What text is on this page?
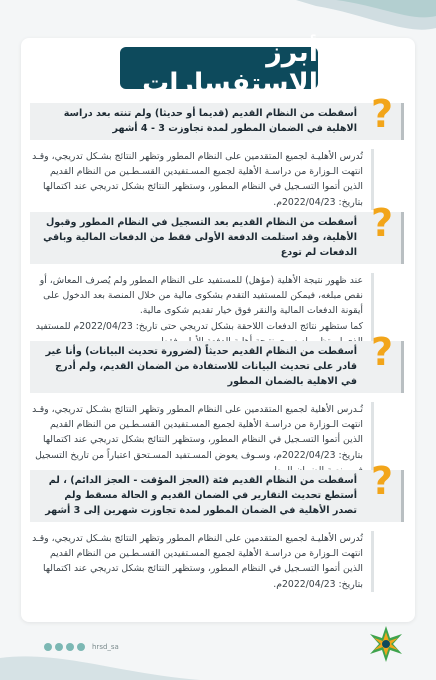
أبرز الاستفسارات
?
أسقطت من النظام القديم (قديما أو حديثا) ولم تنته بعد دراسة الاهلية في الضمان المطور لمدة تجاوزت 3 - 4 أشهر

تُدرس الأهليـة لجميع المتقدمين على النظام المطور وتظهر النتائج بشـكل تدريجي، وقـد انتهت الـوزارة من دراسـة الأهلية لجميع المسـتفيدين القسـطـين من النظام القديم الذين أتموا التسـجيل في النظام المطور، وستظهر النتائج بشكل تدريجي عند اكتمالها بتاريخ: 2022/04/23م. ?
أسقطت من النظام القديم بعد التسجيل في النظام المطور وقبول الأهلية، وقد استلمت الدفعة الأولى فقط من الدفعات المالية وباقي الدفعات لم تودع

عند ظهور نتيجة الأهلية (مؤهل) للمستفيد على النظام المطور ولم يُصرف المعاش، أو نقص مبلغه، فيمكن للمستفيد التقدم بشكوى مالية من خلال المنصة بعد الدخول على أيقونة الدفعات المالية والنقر فوق خيار تقديم شكوى مالية.

كما ستظهر نتائج الدفعات اللاحقة بشكل تدريجي حتى تاريخ: 2022/04/23م للمستفيد

?
أسقطت من النظام القديم حديثاً (لضرورة تحديث البيانات) وأنا غير قادر على تحديث البيانات للاستفادة من الضمان القديم، ولم أدرج في الاهلية بالضمان المطور

تُـدرس الأهلية لجميع المتقدمين على النظام المطور وتظهر النتائج بشـكل تدريجي، وقـد انتهت الـوزارة من دراسـة الأهلية لجميع المسـتفيدين القسـطـين من النظام القديم الذين أتموا التسـجيل في النظام المطور، وستظهر النتائج بشكل تدريجي عند اكتمالها بتاريخ: 2022/04/23م، وسـوف يعوض المسـتفيد المسـتحق اعتباراً من تاريخ التسجيل

?
أسقطت من النظام القديم فئة (العجز المؤقت - العجز الدائم) ، لم أستطع تحديث التقارير في الضمان القديم و الحالة مسقط ولم تصدر الأهلية في الضمان المطور لمدة تجاوزت شهرين إلى 3 أشهر

تُدرس الأهليـة لجميع المتقدمين على النظام المطور وتظهر النتائج بشـكل تدريجي، وقـد انتهت الـوزارة من دراسـة الأهلية لجميع المسـتفيدين القسـطـين من النظام القديم الذين أتموا التسـجيل في النظام المطور، وستظهر النتائج بشكل تدريجي عند اكتمالها بتاريخ: 2022/04/23م.

hrsd_sa
